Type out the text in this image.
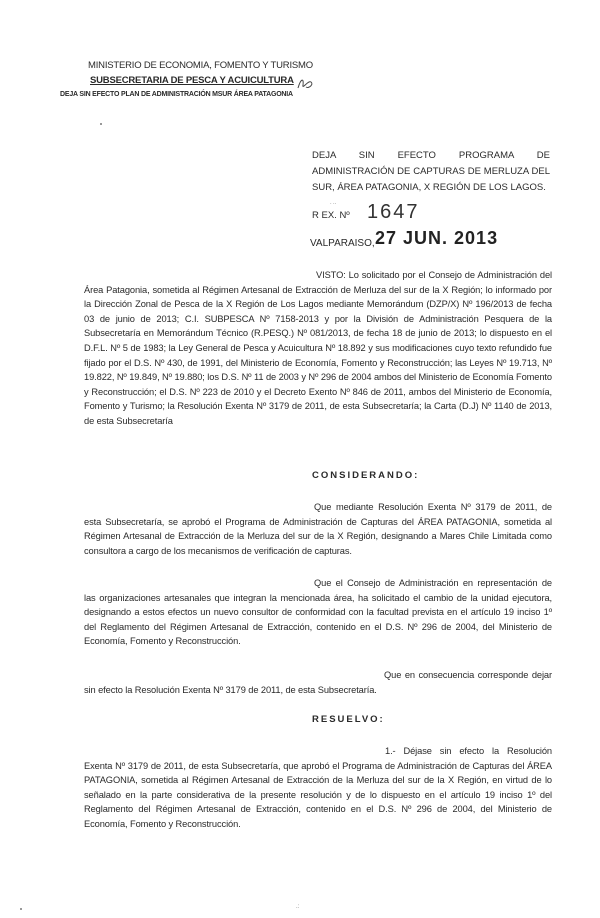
MINISTERIO DE ECONOMIA, FOMENTO Y TURISMO
SUBSECRETARIA DE PESCA Y ACUICULTURA
DEJA SIN EFECTO PLAN DE ADMINISTRACIÓN MSUR ÁREA PATAGONIA
DEJA SIN EFECTO PROGRAMA DE ADMINISTRACIÓN DE CAPTURAS DE MERLUZA DEL SUR, ÁREA PATAGONIA, X REGIÓN DE LOS LAGOS.
· ··
R EX. Nº 1647
VALPARAISO, 27 JUN. 2013
VISTO: Lo solicitado por el Consejo de Administración del Área Patagonia, sometida al Régimen Artesanal de Extracción de Merluza del sur de la X Región; lo informado por la Dirección Zonal de Pesca de la X Región de Los Lagos mediante Memorándum (DZP/X) Nº 196/2013 de fecha 03 de junio de 2013; C.I. SUBPESCA Nº 7158-2013 y por la División de Administración Pesquera de la Subsecretaría en Memorándum Técnico (R.PESQ.) Nº 081/2013, de fecha 18 de junio de 2013; lo dispuesto en el D.F.L. Nº 5 de 1983; la Ley General de Pesca y Acuicultura Nº 18.892 y sus modificaciones cuyo texto refundido fue fijado por el D.S. Nº 430, de 1991, del Ministerio de Economía, Fomento y Reconstrucción; las Leyes Nº 19.713, Nº 19.822, Nº 19.849, Nº 19.880; los D.S. Nº 11 de 2003 y Nº 296 de 2004 ambos del Ministerio de Economía Fomento y Reconstrucción; el D.S. Nº 223 de 2010 y el Decreto Exento Nº 846 de 2011, ambos del Ministerio de Economía, Fomento y Turismo; la Resolución Exenta Nº 3179 de 2011, de esta Subsecretaría; la Carta (D.J) Nº 1140 de 2013, de esta Subsecretaría
CONSIDERANDO:
Que mediante Resolución Exenta Nº 3179 de 2011, de esta Subsecretaría, se aprobó el Programa de Administración de Capturas del ÁREA PATAGONIA, sometida al Régimen Artesanal de Extracción de la Merluza del sur de la X Región, designando a Mares Chile Limitada como consultora a cargo de los mecanismos de verificación de capturas.
Que el Consejo de Administración en representación de las organizaciones artesanales que integran la mencionada área, ha solicitado el cambio de la unidad ejecutora, designando a estos efectos un nuevo consultor de conformidad con la facultad prevista en el artículo 19 inciso 1º del Reglamento del Régimen Artesanal de Extracción, contenido en el D.S. Nº 296 de 2004, del Ministerio de Economía, Fomento y Reconstrucción.
Que en consecuencia corresponde dejar sin efecto la Resolución Exenta Nº 3179 de 2011, de esta Subsecretaría.
RESUELVO:
1.- Déjase sin efecto la Resolución Exenta Nº 3179 de 2011, de esta Subsecretaría, que aprobó el Programa de Administración de Capturas del ÁREA PATAGONIA, sometida al Régimen Artesanal de Extracción de la Merluza del sur de la X Región, en virtud de lo señalado en la parte considerativa de la presente resolución y de lo dispuesto en el artículo 19 inciso 1º del Reglamento del Régimen Artesanal de Extracción, contenido en el D.S. Nº 296 de 2004, del Ministerio de Economía, Fomento y Reconstrucción.
.:
